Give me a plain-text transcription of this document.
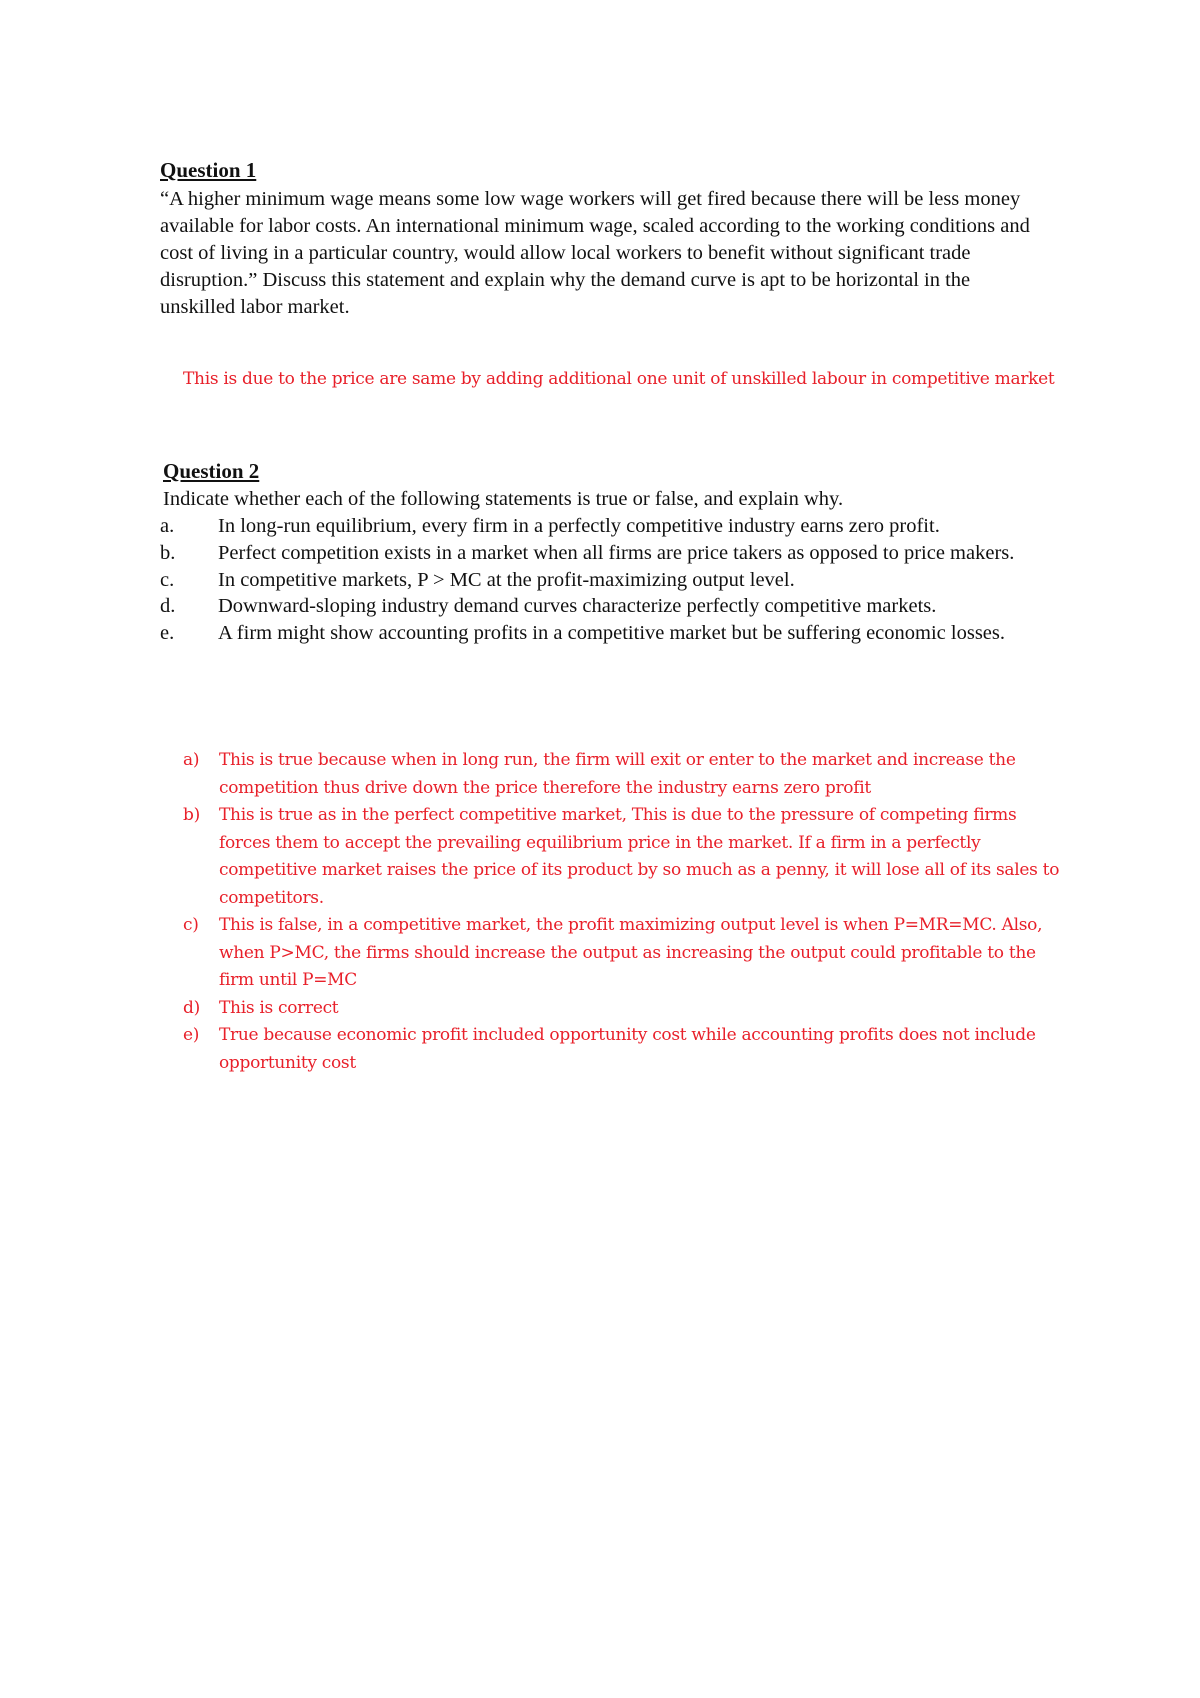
Question 1

“A higher minimum wage means some low wage workers will get fired because there will be less money available for labor costs. An international minimum wage, scaled according to the working conditions and cost of living in a particular country, would allow local workers to benefit without significant trade disruption.” Discuss this statement and explain why the demand curve is apt to be horizontal in the unskilled labor market.

This is due to the price are same by adding additional one unit of unskilled labour in competitive market

Question 2

Indicate whether each of the following statements is true or false, and explain why.

a.	In long-run equilibrium, every firm in a perfectly competitive industry earns zero profit.
b.	Perfect competition exists in a market when all firms are price takers as opposed to price makers.
c.	In competitive markets, P > MC at the profit-maximizing output level.
d.	Downward-sloping industry demand curves characterize perfectly competitive markets.
e.	A firm might show accounting profits in a competitive market but be suffering economic losses.
a)	This is true because when in long run, the firm will exit or enter to the market and increase the competition thus drive down the price therefore the industry earns zero profit
b)	This is true as in the perfect competitive market, This is due to the pressure of competing firms forces them to accept the prevailing equilibrium price in the market. If a firm in a perfectly competitive market raises the price of its product by so much as a penny, it will lose all of its sales to competitors.
c)	This is false, in a competitive market, the profit maximizing output level is when P=MR=MC. Also, when P>MC, the firms should increase the output as increasing the output could profitable to the firm until P=MC
d)	This is correct
e)	True because economic profit included opportunity cost while accounting profits does not include opportunity cost
